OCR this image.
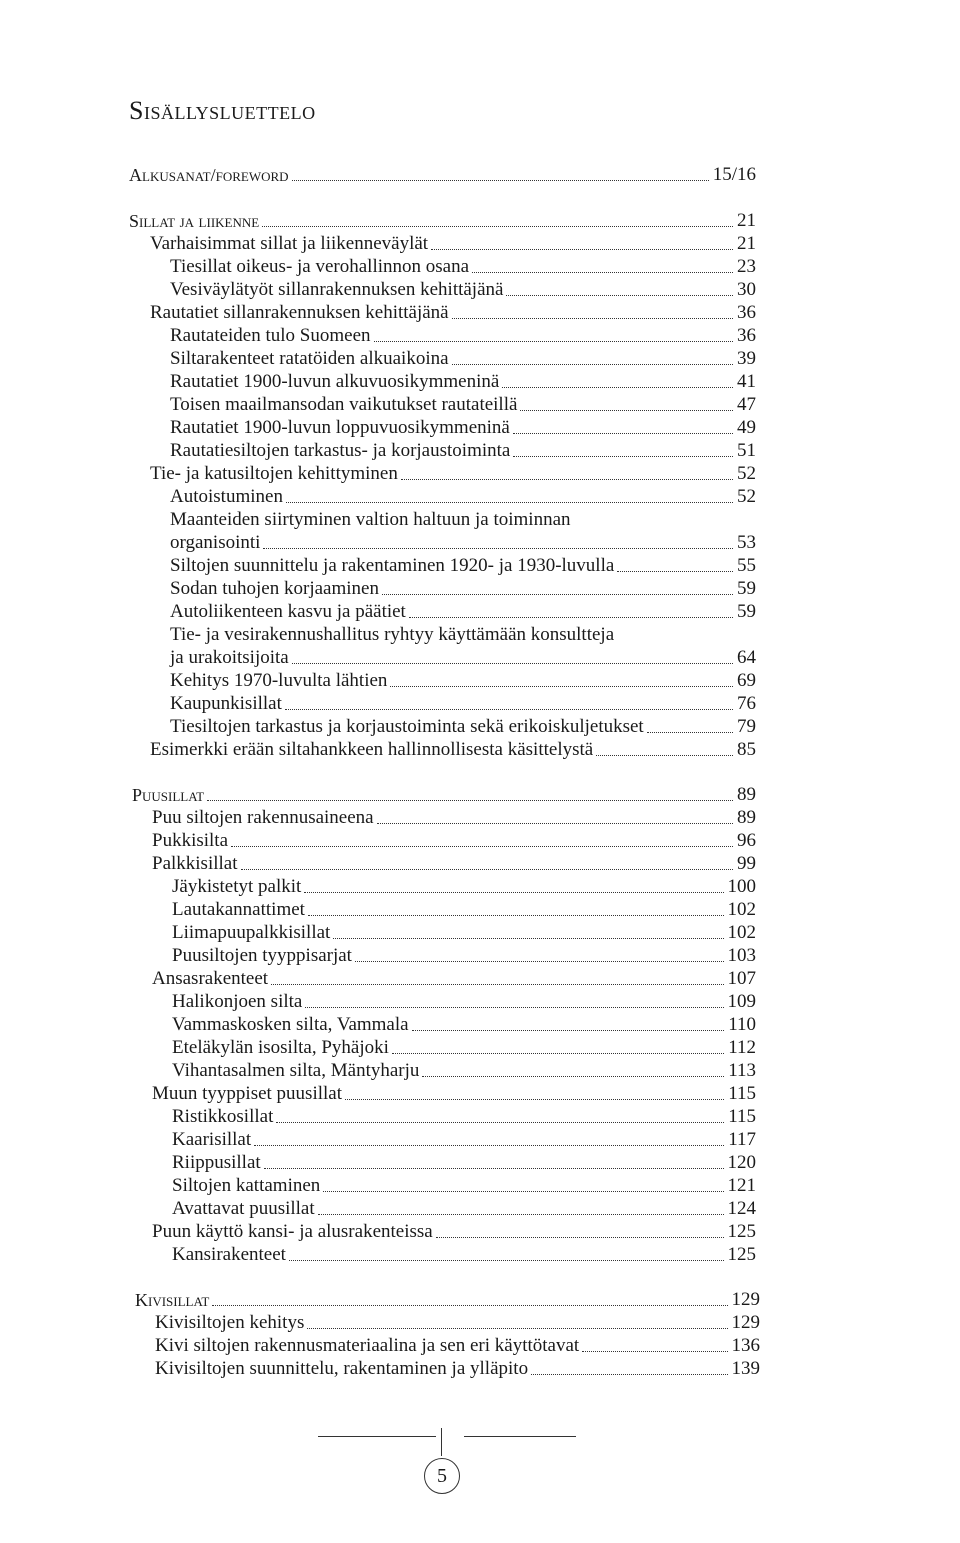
Sisällysluettelo
Alkusanat/foreword	15/16
Sillat ja liikenne	21
Varhaisimmat sillat ja liikenneväylät	21
Tiesillat oikeus- ja verohallinnon osana	23
Vesiväylätyöt sillanrakennuksen kehittäjänä	30
Rautatiet sillanrakennuksen kehittäjänä	36
Rautateiden tulo Suomeen	36
Siltarakenteet ratatöiden alkuaikoina	39
Rautatiet 1900-luvun alkuvuosikymmeninä	41
Toisen maailmansodan vaikutukset rautateillä	47
Rautatiet 1900-luvun loppuvuosikymmeninä	49
Rautatiesiltojen tarkastus- ja korjaustoiminta	51
Tie- ja katusiltojen kehittyminen	52
Autoistuminen	52
Maanteiden siirtyminen valtion haltuun ja toiminnan
organisointi	53
Siltojen suunnittelu ja rakentaminen 1920- ja 1930-luvulla	55
Sodan tuhojen korjaaminen	59
Autoliikenteen kasvu ja päätiet	59
Tie- ja vesirakennushallitus ryhtyy käyttämään konsultteja
ja urakoitsijoita	64
Kehitys 1970-luvulta lähtien	69
Kaupunkisillat	76
Tiesiltojen tarkastus ja korjaustoiminta sekä erikoiskuljetukset	79
Esimerkki erään siltahankkeen hallinnollisesta käsittelystä	85
Puusillat	89
Puu siltojen rakennusaineena	89
Pukkisilta	96
Palkkisillat	99
Jäykistetyt palkit	100
Lautakannattimet	102
Liimapuupalkkisillat	102
Puusiltojen tyyppisarjat	103
Ansasrakenteet	107
Halikonjoen silta	109
Vammaskosken silta, Vammala	110
Eteläkylän isosilta, Pyhäjoki	112
Vihantasalmen silta, Mäntyharju	113
Muun tyyppiset puusillat	115
Ristikkosillat	115
Kaarisillat	117
Riippusillat	120
Siltojen kattaminen	121
Avattavat puusillat	124
Puun käyttö kansi- ja alusrakenteissa	125
Kansirakenteet	125
Kivisillat	129
Kivisiltojen kehitys	129
Kivi siltojen rakennusmateriaalina ja sen eri käyttötavat	136
Kivisiltojen suunnittelu, rakentaminen ja ylläpito	139
5
